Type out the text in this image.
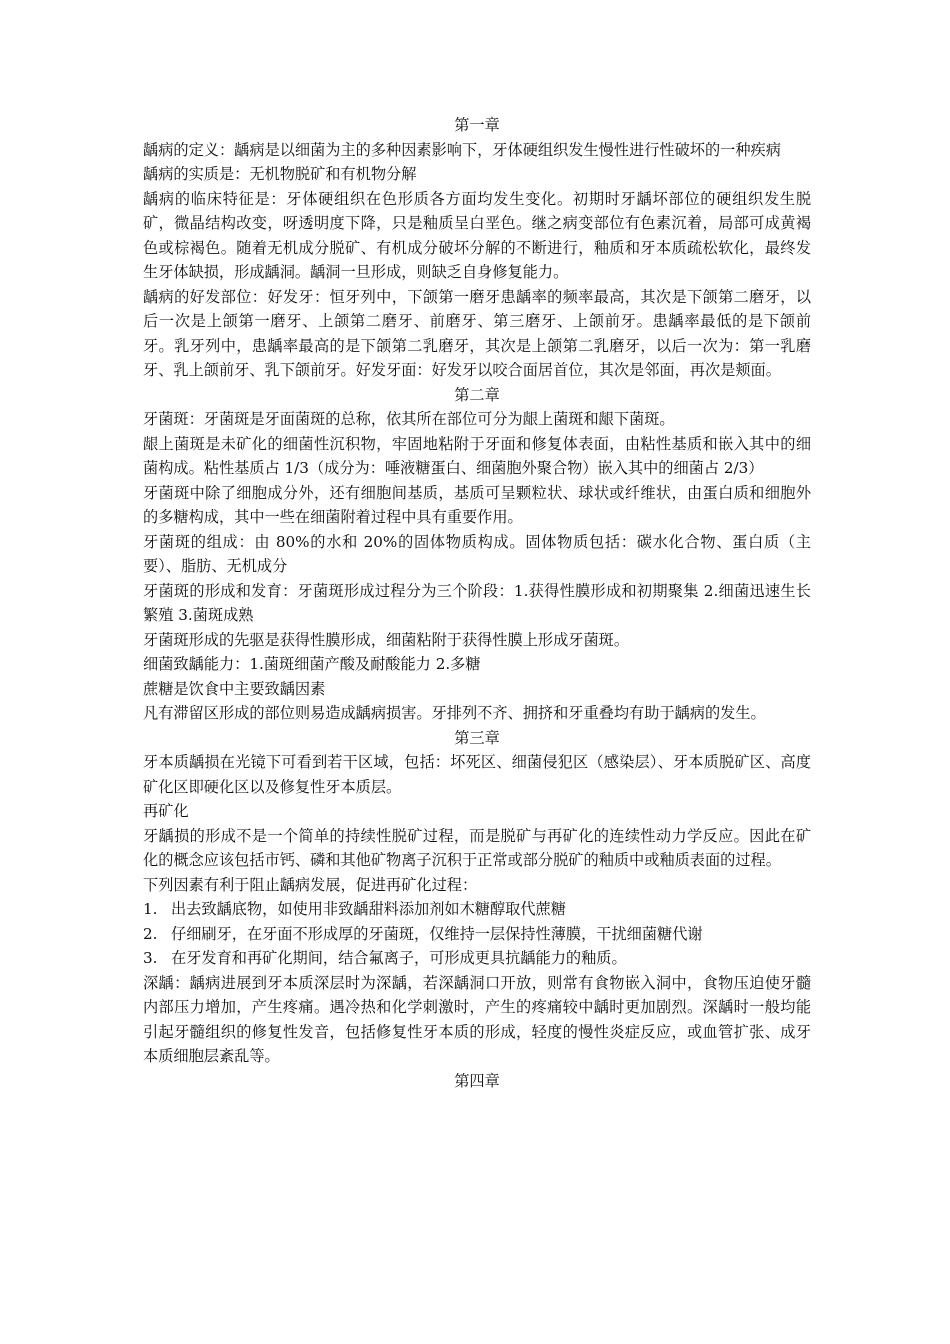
第一章

龋病的定义：龋病是以细菌为主的多种因素影响下，牙体硬组织发生慢性进行性破坏的一种疾病

龋病的实质是：无机物脱矿和有机物分解

龋病的临床特征是：牙体硬组织在色形质各方面均发生变化。初期时牙龋坏部位的硬组织发生脱矿，微晶结构改变，呀透明度下降，只是釉质呈白垩色。继之病变部位有色素沉着，局部可成黄褐色或棕褐色。随着无机成分脱矿、有机成分破坏分解的不断进行，釉质和牙本质疏松软化，最终发生牙体缺损，形成龋洞。龋洞一旦形成，则缺乏自身修复能力。

龋病的好发部位：好发牙：恒牙列中，下颌第一磨牙患龋率的频率最高，其次是下颌第二磨牙，以后一次是上颌第一磨牙、上颌第二磨牙、前磨牙、第三磨牙、上颌前牙。患龋率最低的是下颌前牙。乳牙列中，患龋率最高的是下颌第二乳磨牙，其次是上颌第二乳磨牙，以后一次为：第一乳磨牙、乳上颌前牙、乳下颌前牙。好发牙面：好发牙以咬合面居首位，其次是邻面，再次是颊面。

第二章

牙菌斑：牙菌斑是牙面菌斑的总称，依其所在部位可分为龈上菌斑和龈下菌斑。

龈上菌斑是未矿化的细菌性沉积物，牢固地粘附于牙面和修复体表面，由粘性基质和嵌入其中的细菌构成。粘性基质占 1/3（成分为：唾液糖蛋白、细菌胞外聚合物）嵌入其中的细菌占 2/3）

牙菌斑中除了细胞成分外，还有细胞间基质，基质可呈颗粒状、球状或纤维状，由蛋白质和细胞外的多糖构成，其中一些在细菌附着过程中具有重要作用。

牙菌斑的组成：由 80%的水和 20%的固体物质构成。固体物质包括：碳水化合物、蛋白质（主要）、脂肪、无机成分

牙菌斑的形成和发育：牙菌斑形成过程分为三个阶段：1.获得性膜形成和初期聚集 2.细菌迅速生长繁殖 3.菌斑成熟

牙菌斑形成的先驱是获得性膜形成，细菌粘附于获得性膜上形成牙菌斑。

细菌致龋能力：1.菌斑细菌产酸及耐酸能力 2.多糖

蔗糖是饮食中主要致龋因素

凡有滞留区形成的部位则易造成龋病损害。牙排列不齐、拥挤和牙重叠均有助于龋病的发生。

第三章

牙本质龋损在光镜下可看到若干区域，包括：坏死区、细菌侵犯区（感染层）、牙本质脱矿区、高度矿化区即硬化区以及修复性牙本质层。

再矿化

牙龋损的形成不是一个简单的持续性脱矿过程，而是脱矿与再矿化的连续性动力学反应。因此在矿化的概念应该包括市钙、磷和其他矿物离子沉积于正常或部分脱矿的釉质中或釉质表面的过程。

下列因素有利于阻止龋病发展，促进再矿化过程：

1. 出去致龋底物，如使用非致龋甜料添加剂如木糖醇取代蔗糖

2. 仔细刷牙，在牙面不形成厚的牙菌斑，仅维持一层保持性薄膜，干扰细菌糖代谢

3. 在牙发育和再矿化期间，结合氟离子，可形成更具抗龋能力的釉质。

深龋：龋病进展到牙本质深层时为深龋，若深龋洞口开放，则常有食物嵌入洞中，食物压迫使牙髓内部压力增加，产生疼痛。遇冷热和化学刺激时，产生的疼痛较中龋时更加剧烈。深龋时一般均能引起牙髓组织的修复性发音，包括修复性牙本质的形成，轻度的慢性炎症反应，或血管扩张、成牙本质细胞层紊乱等。

第四章
